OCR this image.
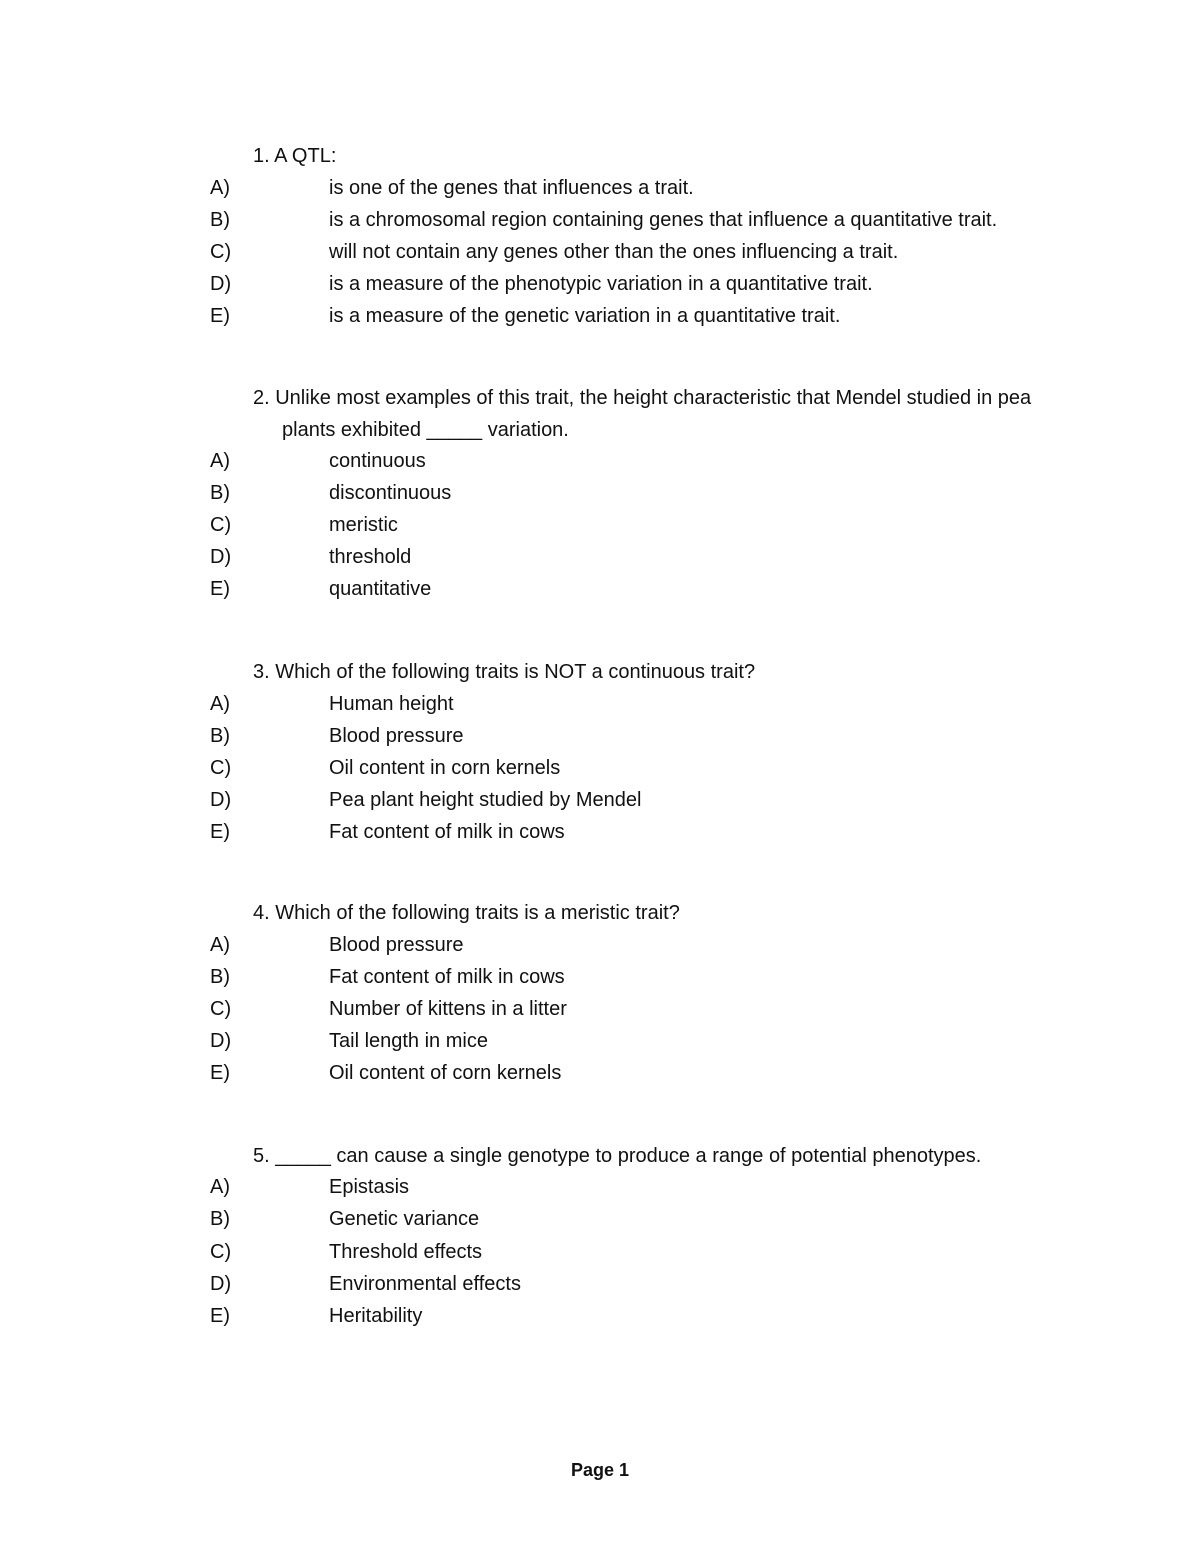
1. A QTL:
A)	is one of the genes that influences a trait.
B)	is a chromosomal region containing genes that influence a quantitative trait.
C)	will not contain any genes other than the ones influencing a trait.
D)	is a measure of the phenotypic variation in a quantitative trait.
E)	is a measure of the genetic variation in a quantitative trait.
2. Unlike most examples of this trait, the height characteristic that Mendel studied in pea
plants exhibited _____ variation.
A)	continuous
B)	discontinuous
C)	meristic
D)	threshold
E)	quantitative
3. Which of the following traits is NOT a continuous trait?
A)	Human height
B)	Blood pressure
C)	Oil content in corn kernels
D)	Pea plant height studied by Mendel
E)	Fat content of milk in cows
4. Which of the following traits is a meristic trait?
A)	Blood pressure
B)	Fat content of milk in cows
C)	Number of kittens in a litter
D)	Tail length in mice
E)	Oil content of corn kernels
5. _____ can cause a single genotype to produce a range of potential phenotypes.
A)	Epistasis
B)	Genetic variance
C)	Threshold effects
D)	Environmental effects
E)	Heritability
Page 1
